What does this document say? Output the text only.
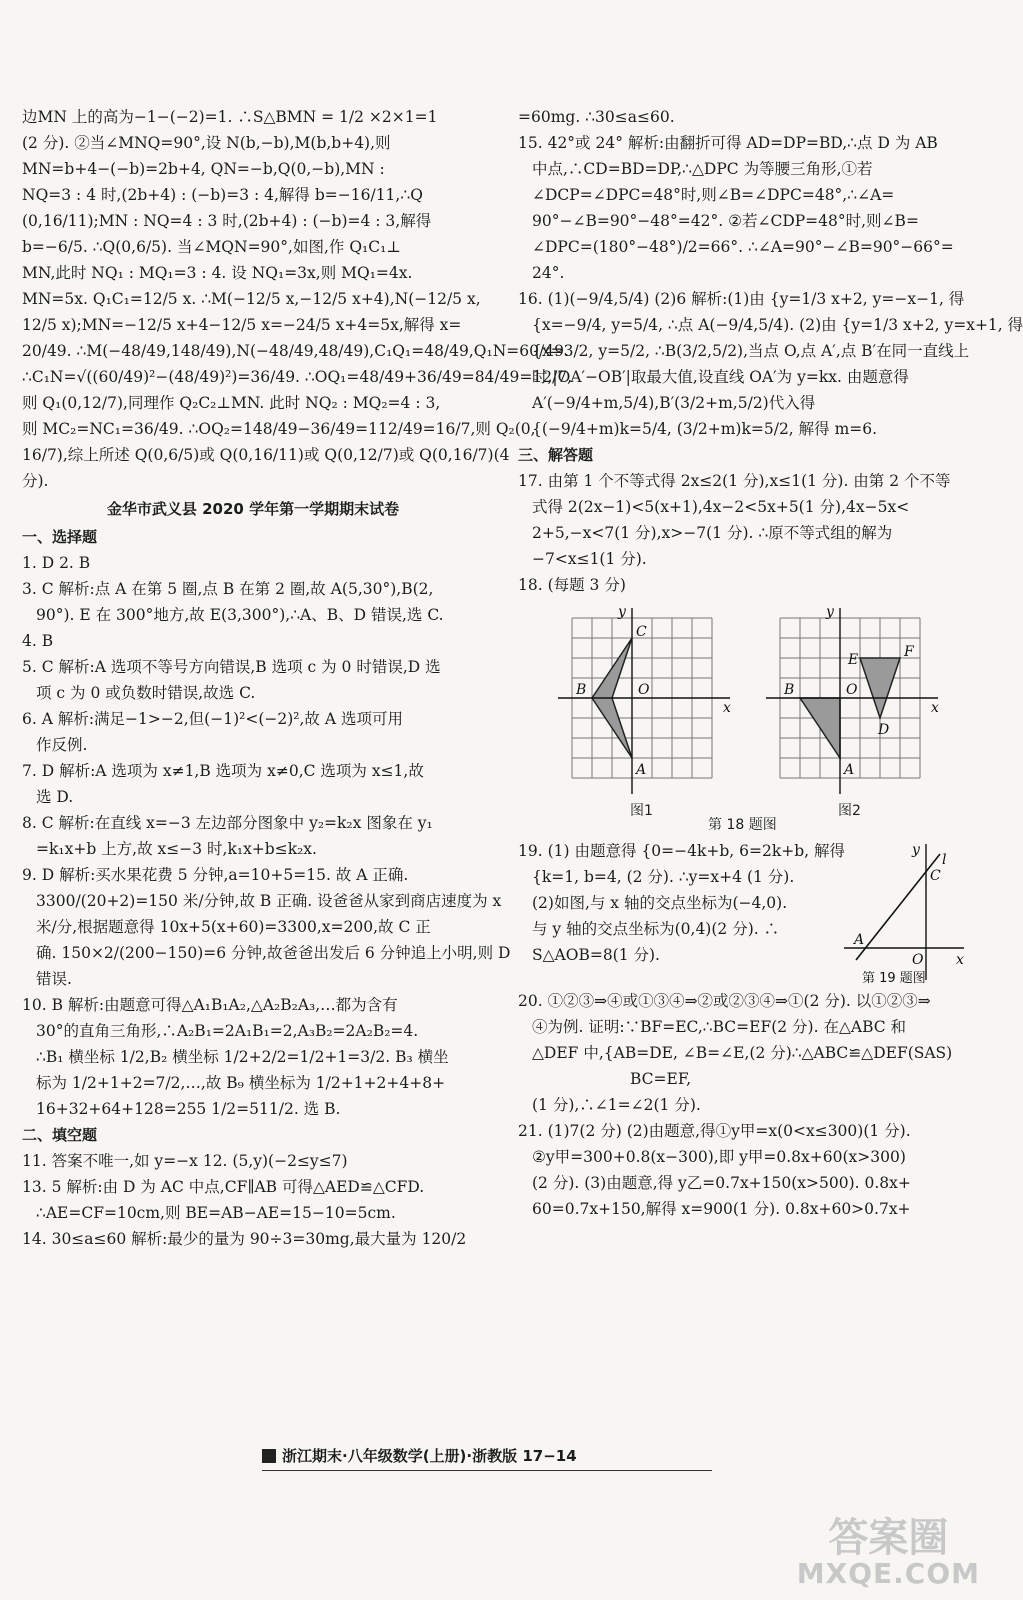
边MN 上的高为−1−(−2)=1. ∴S△BMN = 1/2 ×2×1=1
(2 分). ②当∠MNQ=90°,设 N(b,−b),M(b,b+4),则
MN=b+4−(−b)=2b+4, QN=−b,Q(0,−b),MN :
NQ=3 : 4 时,(2b+4) : (−b)=3 : 4,解得 b=−16/11,∴Q
(0,16/11);MN : NQ=4 : 3 时,(2b+4) : (−b)=4 : 3,解得
b=−6/5. ∴Q(0,6/5). 当∠MQN=90°,如图,作 Q₁C₁⊥
MN,此时 NQ₁ : MQ₁=3 : 4. 设 NQ₁=3x,则 MQ₁=4x.
MN=5x. Q₁C₁=12/5 x. ∴M(−12/5 x,−12/5 x+4),N(−12/5 x,
12/5 x);MN=−12/5 x+4−12/5 x=−24/5 x+4=5x,解得 x=
20/49. ∴M(−48/49,148/49),N(−48/49,48/49),C₁Q₁=48/49,Q₁N=60/49.
∴C₁N=√((60/49)²−(48/49)²)=36/49. ∴OQ₁=48/49+36/49=84/49=12/7,
则 Q₁(0,12/7),同理作 Q₂C₂⊥MN. 此时 NQ₂ : MQ₂=4 : 3,
则 MC₂=NC₁=36/49. ∴OQ₂=148/49−36/49=112/49=16/7,则 Q₂(0,
16/7),综上所述 Q(0,6/5)或 Q(0,16/11)或 Q(0,12/7)或 Q(0,16/7)(4
分).
金华市武义县 2020 学年第一学期期末试卷
一、选择题
1. D 2. B
3. C 解析:点 A 在第 5 圈,点 B 在第 2 圈,故 A(5,30°),B(2,
90°). E 在 300°地方,故 E(3,300°),∴A、B、D 错误,选 C.
4. B
5. C 解析:A 选项不等号方向错误,B 选项 c 为 0 时错误,D 选
项 c 为 0 或负数时错误,故选 C.
6. A 解析:满足−1>−2,但(−1)²<(−2)²,故 A 选项可用
作反例.
7. D 解析:A 选项为 x≠1,B 选项为 x≠0,C 选项为 x≤1,故
选 D.
8. C 解析:在直线 x=−3 左边部分图象中 y₂=k₂x 图象在 y₁
=k₁x+b 上方,故 x≤−3 时,k₁x+b≤k₂x.
9. D 解析:买水果花费 5 分钟,a=10+5=15. 故 A 正确.
3300/(20+2)=150 米/分钟,故 B 正确. 设爸爸从家到商店速度为 x
米/分,根据题意得 10x+5(x+60)=3300,x=200,故 C 正
确. 150×2/(200−150)=6 分钟,故爸爸出发后 6 分钟追上小明,则 D
错误.
10. B 解析:由题意可得△A₁B₁A₂,△A₂B₂A₃,…都为含有
30°的直角三角形,∴A₂B₁=2A₁B₁=2,A₃B₂=2A₂B₂=4.
∴B₁ 横坐标 1/2,B₂ 横坐标 1/2+2/2=1/2+1=3/2. B₃ 横坐
标为 1/2+1+2=7/2,…,故 B₉ 横坐标为 1/2+1+2+4+8+
16+32+64+128=255 1/2=511/2. 选 B.
二、填空题
11. 答案不唯一,如 y=−x 12. (5,y)(−2≤y≤7)
13. 5 解析:由 D 为 AC 中点,CF∥AB 可得△AED≌△CFD.
∴AE=CF=10cm,则 BE=AB−AE=15−10=5cm.
14. 30≤a≤60 解析:最少的量为 90÷3=30mg,最大量为 120/2
=60mg. ∴30≤a≤60.
15. 42°或 24° 解析:由翻折可得 AD=DP=BD,∴点 D 为 AB
中点,∴CD=BD=DP,∴△DPC 为等腰三角形,①若
∠DCP=∠DPC=48°时,则∠B=∠DPC=48°,∴∠A=
90°−∠B=90°−48°=42°. ②若∠CDP=48°时,则∠B=
∠DPC=(180°−48°)/2=66°. ∴∠A=90°−∠B=90°−66°=
24°.
16. (1)(−9/4,5/4) (2)6 解析:(1)由 {y=1/3 x+2, y=−x−1, 得
{x=−9/4, y=5/4, ∴点 A(−9/4,5/4). (2)由 {y=1/3 x+2, y=x+1, 得
{x=3/2, y=5/2, ∴B(3/2,5/2),当点 O,点 A′,点 B′在同一直线上
时,|OA′−OB′|取最大值,设直线 OA′为 y=kx. 由题意得
A′(−9/4+m,5/4),B′(3/2+m,5/2)代入得
{(−9/4+m)k=5/4, (3/2+m)k=5/2, 解得 m=6.
三、解答题
17. 由第 1 个不等式得 2x≤2(1 分),x≤1(1 分). 由第 2 个不等
式得 2(2x−1)<5(x+1),4x−2<5x+5(1 分),4x−5x<
2+5,−x<7(1 分),x>−7(1 分). ∴原不等式组的解为
−7<x≤1(1 分).
18. (每题 3 分)
C
B	O
A
x
y
E	F
B	O
D
A
x
y
图1
第 18 题图
图2
19. (1) 由题意得 {0=−4k+b, 6=2k+b, 解得
{k=1, b=4, (2 分). ∴y=x+4 (1 分).
(2)如图,与 x 轴的交点坐标为(−4,0).
与 y 轴的交点坐标为(0,4)(2 分). ∴
S△AOB=8(1 分).
y
l
C
A
O x
第 19 题图
20. ①②③⇒④或①③④⇒②或②③④⇒①(2 分). 以①②③⇒
④为例. 证明:∵BF=EC,∴BC=EF(2 分). 在△ABC 和
△DEF 中,{AB=DE, ∠B=∠E,(2 分)∴△ABC≌△DEF(SAS)
BC=EF,
(1 分),∴∠1=∠2(1 分).
21. (1)7(2 分) (2)由题意,得①y甲=x(0<x≤300)(1 分).
②y甲=300+0.8(x−300),即 y甲=0.8x+60(x>300)
(2 分). (3)由题意,得 y乙=0.7x+150(x>500). 0.8x+
60=0.7x+150,解得 x=900(1 分). 0.8x+60>0.7x+
浙江期末·八年级数学(上册)·浙教版 17−14
答案圈
MXQE.COM
